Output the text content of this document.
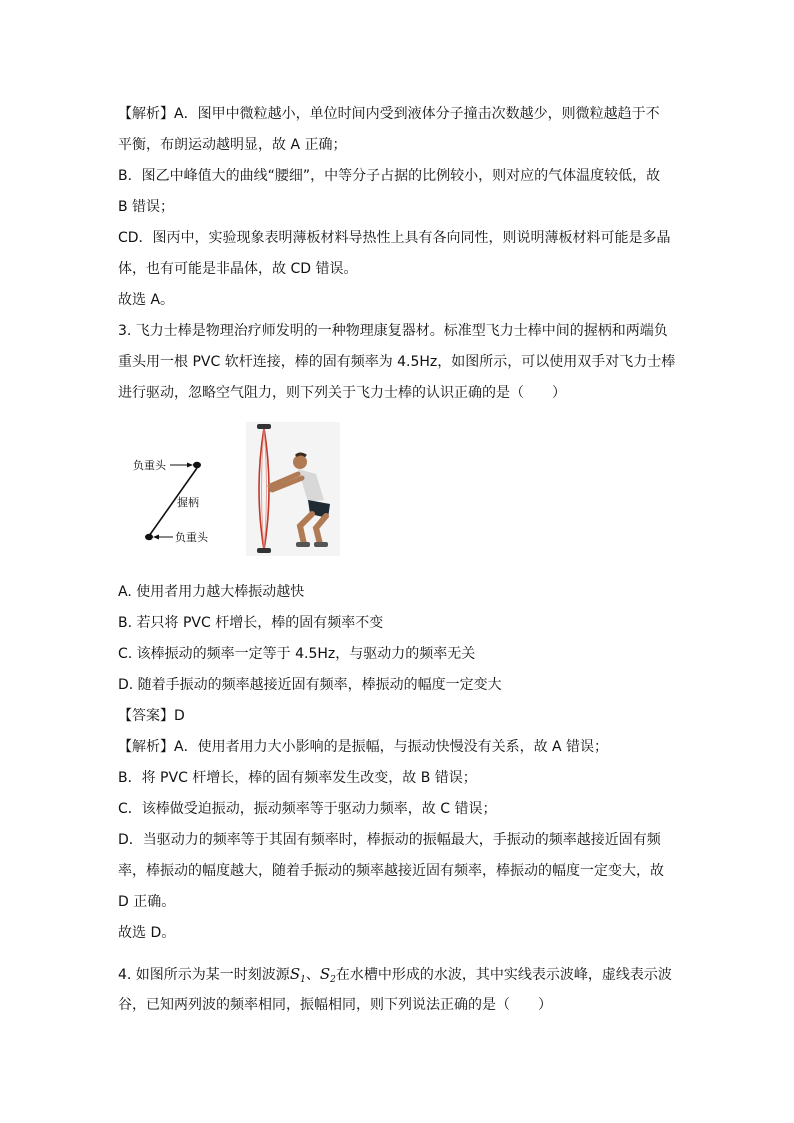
【解析】A．图甲中微粒越小，单位时间内受到液体分子撞击次数越少，则微粒越趋于不
平衡，布朗运动越明显，故 A 正确；
B．图乙中峰值大的曲线“腰细”，中等分子占据的比例较小，则对应的气体温度较低，故
B 错误；
CD．图丙中，实验现象表明薄板材料导热性上具有各向同性，则说明薄板材料可能是多晶
体，也有可能是非晶体，故 CD 错误。
故选 A。
3. 飞力士棒是物理治疗师发明的一种物理康复器材。标准型飞力士棒中间的握柄和两端负
重头用一根 PVC 软杆连接，棒的固有频率为 4.5Hz，如图所示，可以使用双手对飞力士棒
进行驱动，忽略空气阻力，则下列关于飞力士棒的认识正确的是（　　）
负重头
握柄
负重头
A. 使用者用力越大棒振动越快
B. 若只将 PVC 杆增长，棒的固有频率不变
C. 该棒振动的频率一定等于 4.5Hz，与驱动力的频率无关
D. 随着手振动的频率越接近固有频率，棒振动的幅度一定变大
【答案】D
【解析】A．使用者用力大小影响的是振幅，与振动快慢没有关系，故 A 错误；
B．将 PVC 杆增长，棒的固有频率发生改变，故 B 错误；
C．该棒做受迫振动，振动频率等于驱动力频率，故 C 错误；
D．当驱动力的频率等于其固有频率时，棒振动的振幅最大，手振动的频率越接近固有频
率，棒振动的幅度越大，随着手振动的频率越接近固有频率，棒振动的幅度一定变大，故
D 正确。
故选 D。
4. 如图所示为某一时刻波源$S_1$、$S_2$在水槽中形成的水波，其中实线表示波峰，虚线表示波
谷，已知两列波的频率相同，振幅相同，则下列说法正确的是（　　）
